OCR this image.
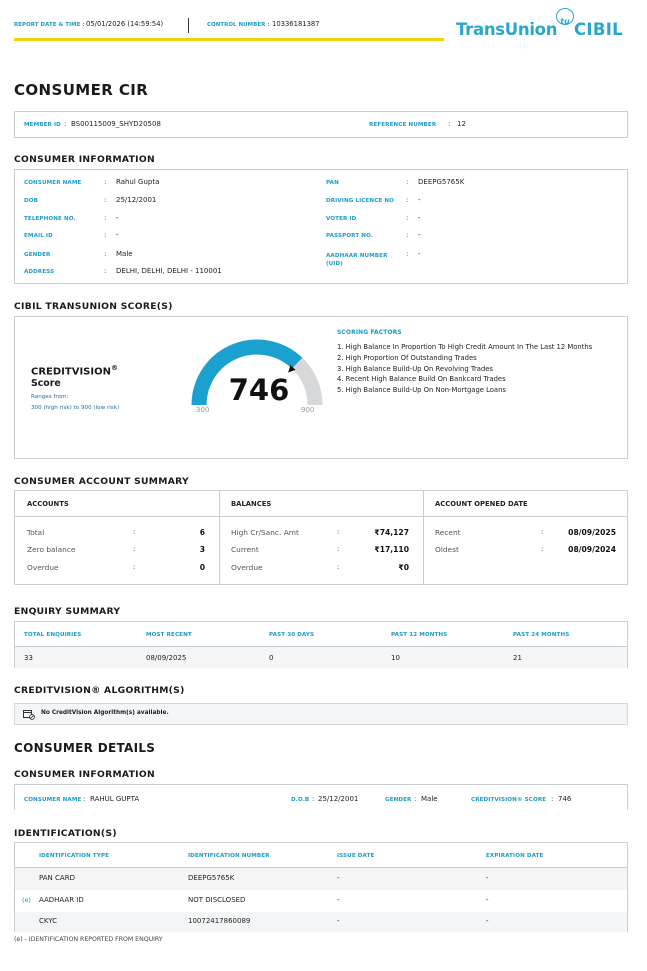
REPORT DATE & TIME : 05/01/2026 (14:59:54)	CONTROL NUMBER : 10336181387	TransUnion tu CIBIL
CONSUMER CIR
MEMBER ID : BS00115009_SHYD20508	REFERENCE NUMBER : 12
CONSUMER INFORMATION
CONSUMER NAME	: Rahul Gupta
DOB	: 25/12/2001
TELEPHONE NO.	: -
EMAIL ID	: -
GENDER	: Male
ADDRESS	: DELHI, DELHI, DELHI - 110001
PAN	: DEEPG5765K
DRIVING LICENCE NO : -
VOTER ID	: -
PASSPORT NO.	: -
AADHAAR NUMBER (UID)
: -
CIBIL TRANSUNION SCORE(S)
CREDITVISION®
Score
Ranges from:
300 (high risk) to 900 (low risk)
746
300	900
SCORING FACTORS
1. High Balance In Proportion To High Credit Amount In The Last 12 Months
2. High Proportion Of Outstanding Trades
3. High Balance Build-Up On Revolving Trades
4. Recent High Balance Build On Bankcard Trades
5. High Balance Build-Up On Non-Mortgage Loans
CONSUMER ACCOUNT SUMMARY
ACCOUNTS
Total	:	6
Zero balance	:	3
Overdue	:	0
BALANCES
High Cr/Sanc. Amt	:	₹74,127
Current	:	₹17,110
Overdue	:	₹0
ACCOUNT OPENED DATE
Recent	:	08/09/2025
Oldest	:	08/09/2024
ENQUIRY SUMMARY
TOTAL ENQUIRIES	MOST RECENT	PAST 30 DAYS	PAST 12 MONTHS	PAST 24 MONTHS
33	08/09/2025	0	10	21
CREDITVISION® ALGORITHM(S)
No CreditVision Algorithm(s) available.
CONSUMER DETAILS
CONSUMER INFORMATION
CONSUMER NAME : RAHUL GUPTA	D.O.B : 25/12/2001	GENDER : Male	CREDITVISION® SCORE : 746
IDENTIFICATION(S)
IDENTIFICATION TYPE	IDENTIFICATION NUMBER	ISSUE DATE	EXPIRATION DATE
PAN CARD	DEEPG5765K	-	-
(e) AADHAAR ID	NOT DISCLOSED	-	-
CKYC	10072417860089	-	-
(e) - IDENTIFICATION REPORTED FROM ENQUIRY
